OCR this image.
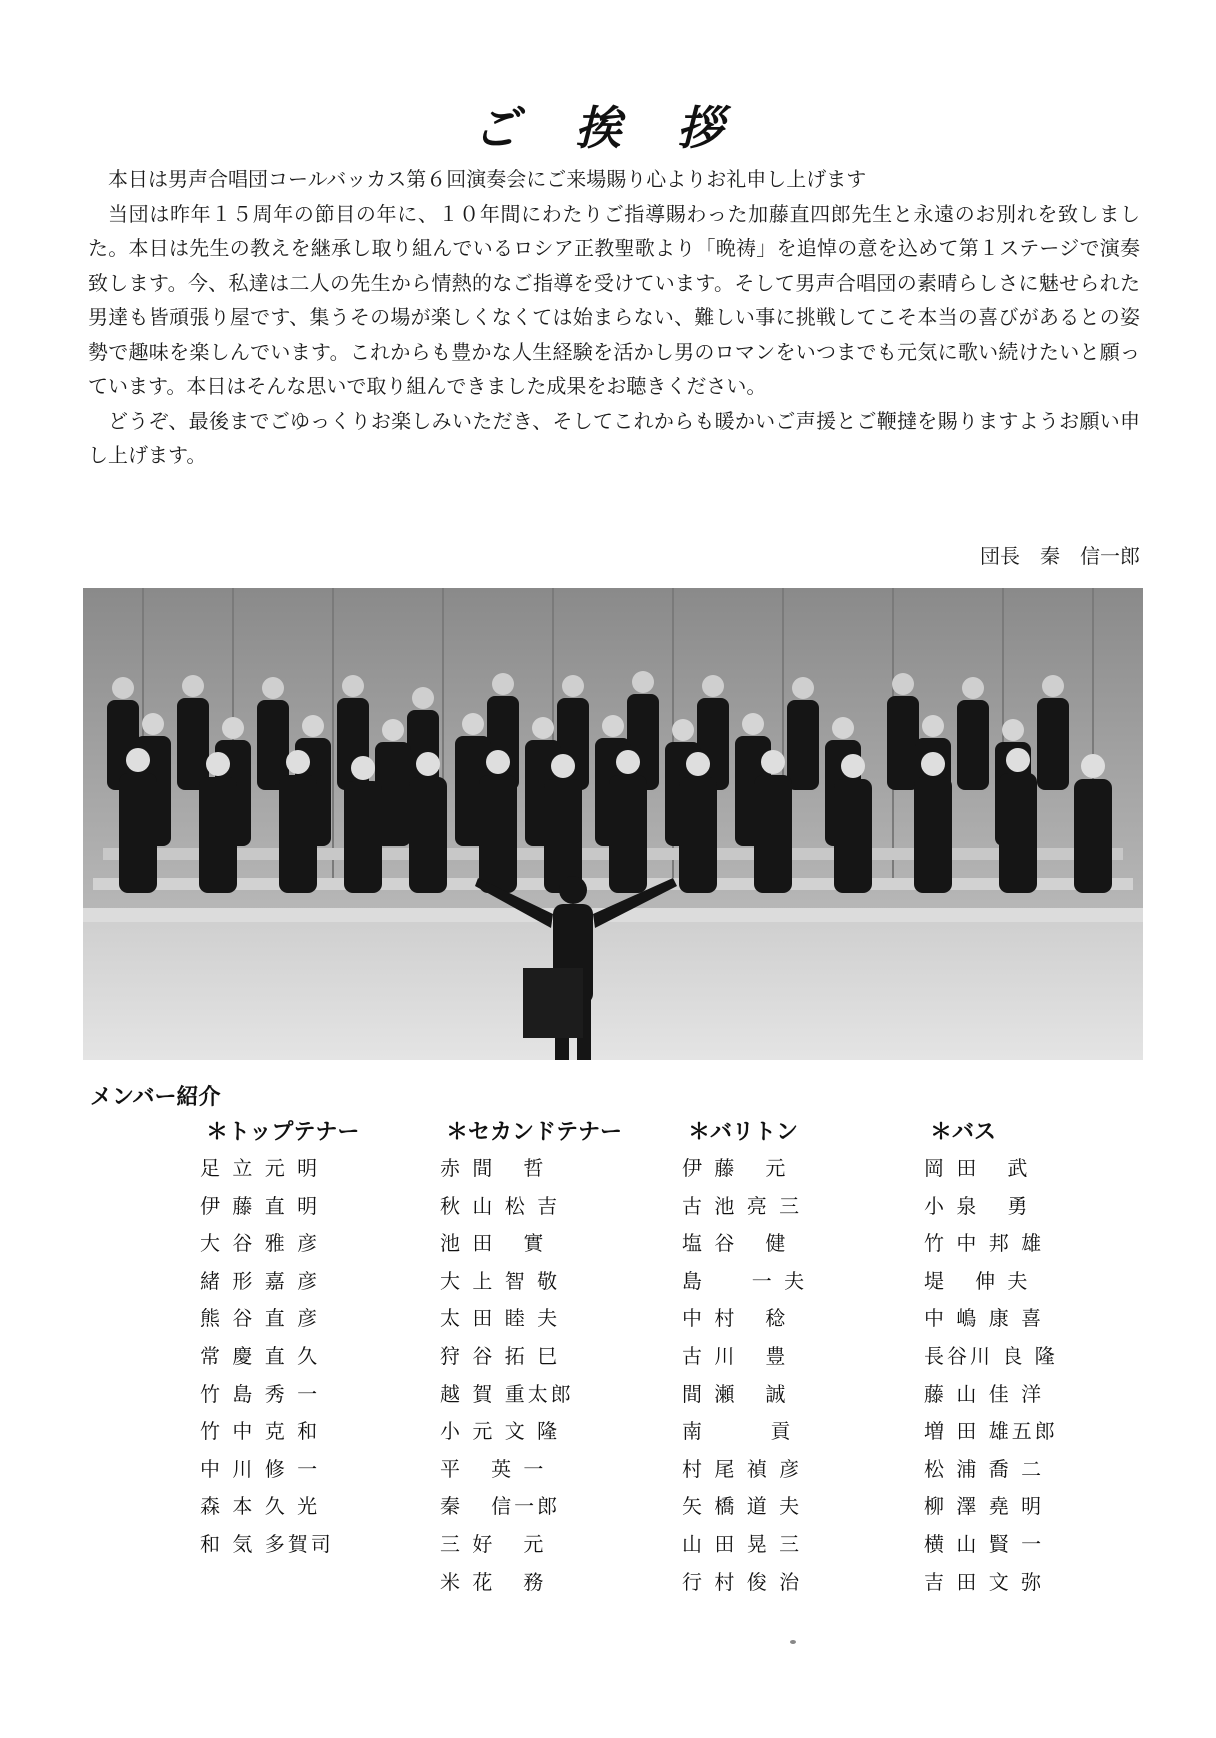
ご 挨 拶

本日は男声合唱団コールバッカス第６回演奏会にご来場賜り心よりお礼申し上げます

当団は昨年１５周年の節目の年に、１０年間にわたりご指導賜わった加藤直四郎先生と永遠のお別れを致しました。本日は先生の教えを継承し取り組んでいるロシア正教聖歌より「晩祷」を追悼の意を込めて第１ステージで演奏致します。今、私達は二人の先生から情熱的なご指導を受けています。そして男声合唱団の素晴らしさに魅せられた男達も皆頑張り屋です、集うその場が楽しくなくては始まらない、難しい事に挑戦してこそ本当の喜びがあるとの姿勢で趣味を楽しんでいます。これからも豊かな人生経験を活かし男のロマンをいつまでも元気に歌い続けたいと願っています。本日はそんな思いで取り組んできました成果をお聴きください。

どうぞ、最後までごゆっくりお楽しみいただき、そしてこれからも暖かいご声援とご鞭撻を賜りますようお願い申し上げます。

団長　秦　信一郎
メンバー紹介
＊トップテナー
足 立 元 明
伊 藤 直 明
大 谷 雅 彦
緒 形 嘉 彦
熊 谷 直 彦
常 慶 直 久
竹 島 秀 一
竹 中 克 和
中 川 修 一
森 本 久 光
和 気 多賀司
＊セカンドテナー
赤 間   哲
秋 山 松 吉
池 田   實
大 上 智 敬
太 田 睦 夫
狩 谷 拓 巳
越 賀 重太郎
小 元 文 隆
平   英 一
秦   信一郎
三 好   元
米 花   務
＊バリトン
伊 藤   元
古 池 亮 三
塩 谷   健
島     一 夫
中 村   稔
古 川   豊
間 瀬   誠
南       貢
村 尾 禎 彦
矢 橋 道 夫
山 田 晃 三
行 村 俊 治
＊バス
岡 田   武
小 泉   勇
竹 中 邦 雄
堤   伸 夫
中 嶋 康 喜
長谷川 良 隆
藤 山 佳 洋
増 田 雄五郎
松 浦 喬 二
柳 澤 堯 明
横 山 賢 一
吉 田 文 弥
